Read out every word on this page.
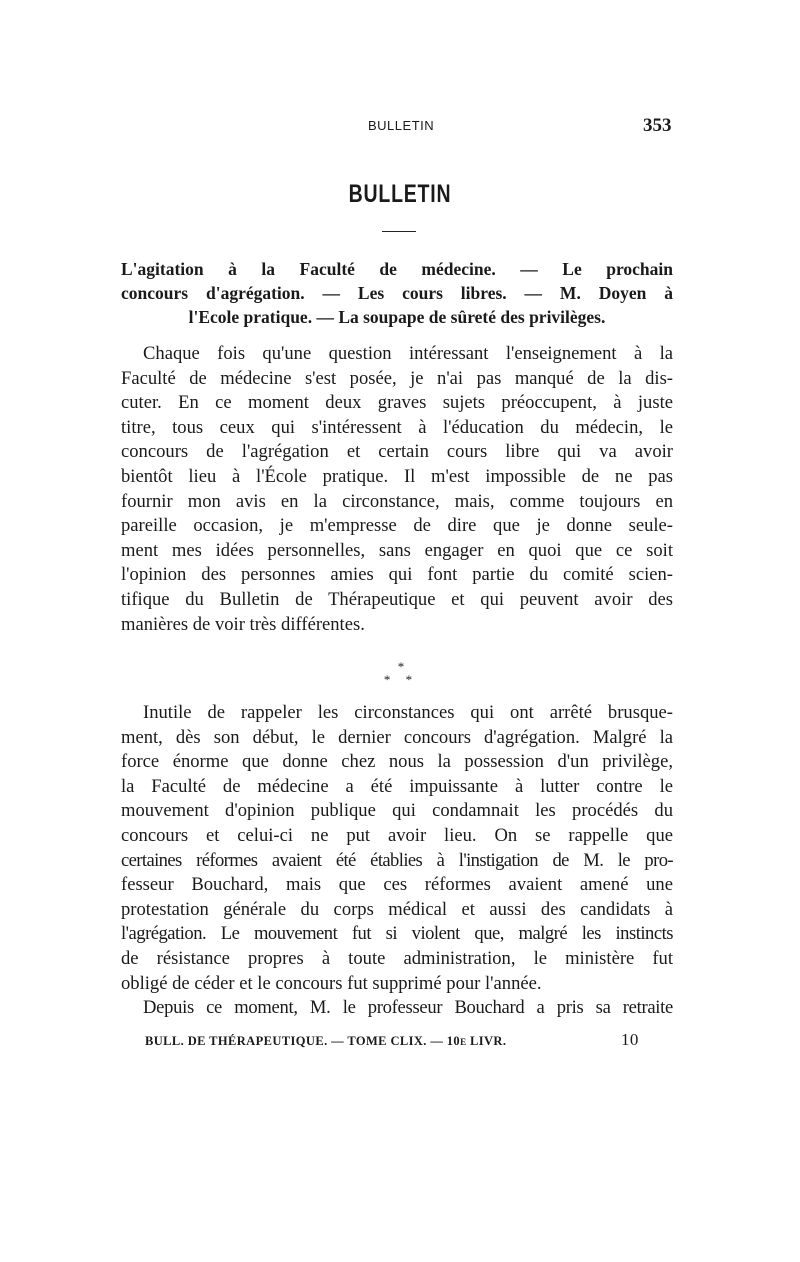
BULLETIN	353
BULLETIN
L'agitation à la Faculté de médecine. — Le prochain
concours d'agrégation. — Les cours libres. — M. Doyen à
l'Ecole pratique. — La soupape de sûreté des privilèges.
Chaque fois qu'une question intéressant l'enseignement à la
Faculté de médecine s'est posée, je n'ai pas manqué de la dis-
cuter. En ce moment deux graves sujets préoccupent, à juste
titre, tous ceux qui s'intéressent à l'éducation du médecin, le
concours de l'agrégation et certain cours libre qui va avoir
bientôt lieu à l'École pratique. Il m'est impossible de ne pas
fournir mon avis en la circonstance, mais, comme toujours en
pareille occasion, je m'empresse de dire que je donne seule-
ment mes idées personnelles, sans engager en quoi que ce soit
l'opinion des personnes amies qui font partie du comité scien-
tifique du Bulletin de Thérapeutique et qui peuvent avoir des
manières de voir très différentes.
*
* *
Inutile de rappeler les circonstances qui ont arrêté brusque-
ment, dès son début, le dernier concours d'agrégation. Malgré la
force énorme que donne chez nous la possession d'un privilège,
la Faculté de médecine a été impuissante à lutter contre le
mouvement d'opinion publique qui condamnait les procédés du
concours et celui-ci ne put avoir lieu. On se rappelle que
certaines réformes avaient été établies à l'instigation de M. le pro-
fesseur Bouchard, mais que ces réformes avaient amené une
protestation générale du corps médical et aussi des candidats à
l'agrégation. Le mouvement fut si violent que, malgré les instincts
de résistance propres à toute administration, le ministère fut
obligé de céder et le concours fut supprimé pour l'année.
Depuis ce moment, M. le professeur Bouchard a pris sa retraite
BULL. DE THÉRAPEUTIQUE. — TOME CLIX. — 10e LIVR.	10
